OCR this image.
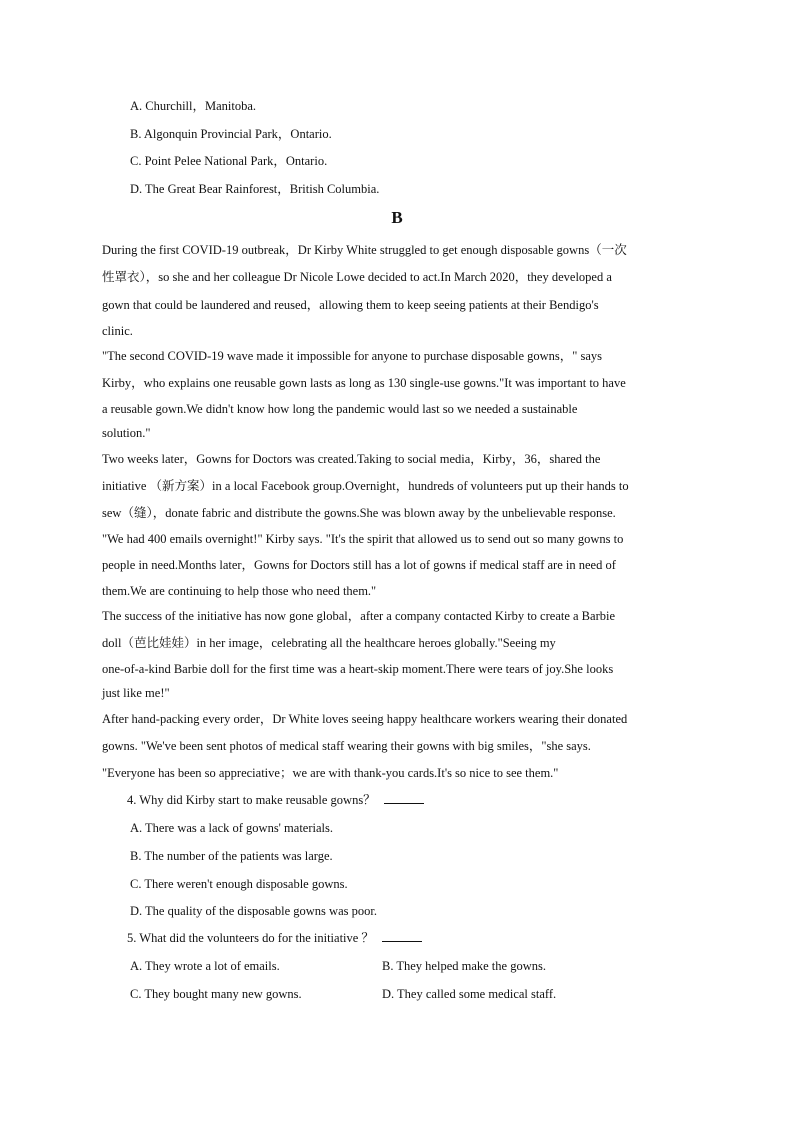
A. Churchill，Manitoba.
B. Algonquin Provincial Park，Ontario.
C. Point Pelee National Park，Ontario.
D. The Great Bear Rainforest，British Columbia.
B
During the first COVID-19 outbreak，Dr Kirby White struggled to get enough disposable gowns（一次
性罩衣），so she and her colleague Dr Nicole Lowe decided to act.In March 2020，they developed a
gown that could be laundered and reused，allowing them to keep seeing patients at their Bendigo's
clinic.
"The second COVID-19 wave made it impossible for anyone to purchase disposable gowns，" says
Kirby，who explains one reusable gown lasts as long as 130 single-use gowns."It was important to have
a reusable gown.We didn't know how long the pandemic would last so we needed a sustainable
solution."
Two weeks later，Gowns for Doctors was created.Taking to social media，Kirby，36，shared the
initiative （新方案）in a local Facebook group.Overnight，hundreds of volunteers put up their hands to
sew（缝），donate fabric and distribute the gowns.She was blown away by the unbelievable response.
"We had 400 emails overnight!" Kirby says. "It's the spirit that allowed us to send out so many gowns to
people in need.Months later，Gowns for Doctors still has a lot of gowns if medical staff are in need of
them.We are continuing to help those who need them."
The success of the initiative has now gone global，after a company contacted Kirby to create a Barbie
doll（芭比娃娃）in her image，celebrating all the healthcare heroes globally."Seeing my
one-of-a-kind Barbie doll for the first time was a heart-skip moment.There were tears of joy.She looks
just like me!"
After hand-packing every order，Dr White loves seeing happy healthcare workers wearing their donated
gowns. "We've been sent photos of medical staff wearing their gowns with big smiles，"she says.
"Everyone has been so appreciative；we are with thank-you cards.It's so nice to see them."
4. Why did Kirby start to make reusable gowns？
A. There was a lack of gowns' materials.
B. The number of the patients was large.
C. There weren't enough disposable gowns.
D. The quality of the disposable gowns was poor.
5. What did the volunteers do for the initiative ？
A. They wrote a lot of emails.	B. They helped make the gowns.
C. They bought many new gowns.	D. They called some medical staff.
